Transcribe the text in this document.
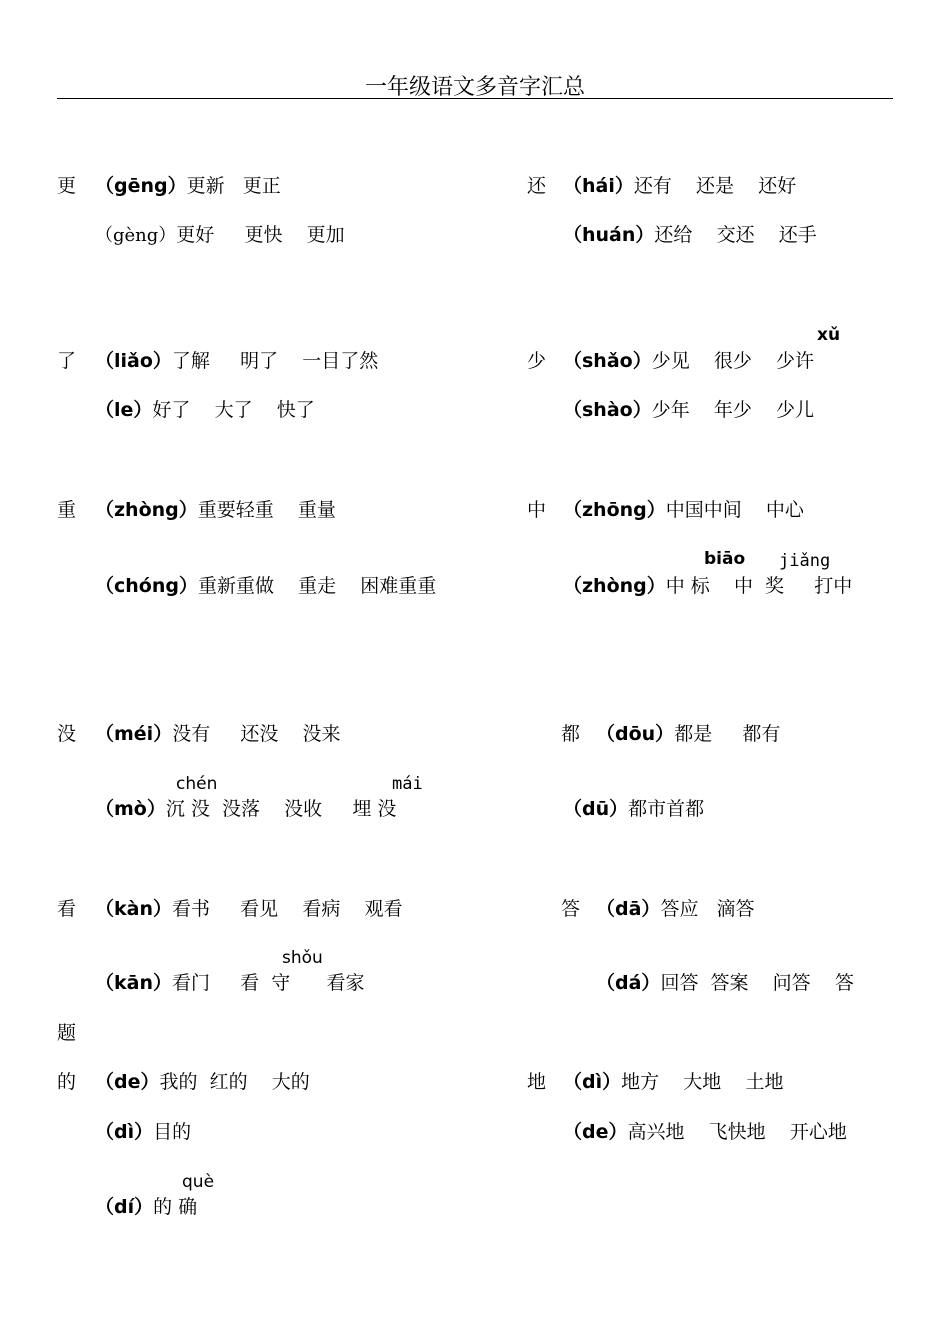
一年级语文多音字汇总
更 （gēng）更新   更正
（gèng）更好     更快    更加
还 （hái）还有    还是    还好
（huán）还给    交还    还手
了 （liǎo）了解     明了    一目了然
（le）好了    大了    快了
xǔ
少 （shǎo）少见    很少    少许
（shào）少年    年少    少儿
重 （zhòng）重要轻重    重量
（chóng）重新重做    重走    困难重重
中 （zhōng）中国中间    中心
biāo jiǎng
（zhòng）中 标    中  奖     打中
没 （méi）没有     还没    没来
chén	mái
（mò）沉 没  没落    没收     埋 没
都 （dōu）都是     都有
（dū）都市首都
看 （kàn）看书     看见    看病    观看
shǒu
（kān）看门     看  守      看家
答 （dā）答应   滴答
（dá）回答  答案    问答    答
题
的 （de）我的  红的    大的
（dì）目的
què
（dí）的 确
地 （dì）地方    大地    土地
（de）高兴地    飞快地    开心地
